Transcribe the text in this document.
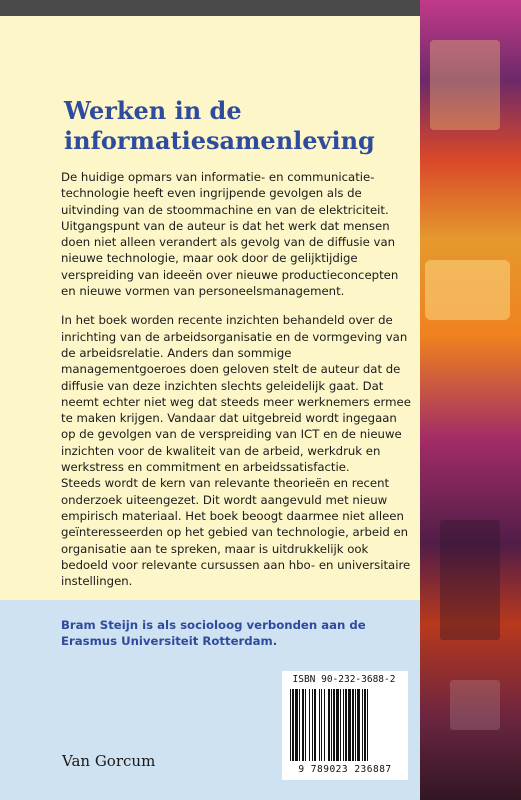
Werken in de informatiesamenleving

De huidige opmars van informatie- en communicatie-technologie heeft even ingrijpende gevolgen als de uitvinding van de stoommachine en van de elektriciteit. Uitgangspunt van de auteur is dat het werk dat mensen doen niet alleen verandert als gevolg van de diffusie van nieuwe technologie, maar ook door de gelijktijdige verspreiding van ideeën over nieuwe productieconcepten en nieuwe vormen van personeelsmanagement.

In het boek worden recente inzichten behandeld over de inrichting van de arbeidsorganisatie en de vormgeving van de arbeidsrelatie. Anders dan sommige managementgoeroes doen geloven stelt de auteur dat de diffusie van deze inzichten slechts geleidelijk gaat. Dat neemt echter niet weg dat steeds meer werknemers ermee te maken krijgen. Vandaar dat uitgebreid wordt ingegaan op de gevolgen van de verspreiding van ICT en de nieuwe inzichten voor de kwaliteit van de arbeid, werkdruk en werkstress en commitment en arbeidssatisfactie.

Steeds wordt de kern van relevante theorieën en recent onderzoek uiteengezet. Dit wordt aangevuld met nieuw empirisch materiaal. Het boek beoogt daarmee niet alleen geïnteresseerden op het gebied van technologie, arbeid en organisatie aan te spreken, maar is uitdrukkelijk ook bedoeld voor relevante cursussen aan hbo- en universitaire instellingen.

Bram Steijn is als socioloog verbonden aan de Erasmus Universiteit Rotterdam.

Van Gorcum
ISBN 90-232-3688-2
9 789023 236887
